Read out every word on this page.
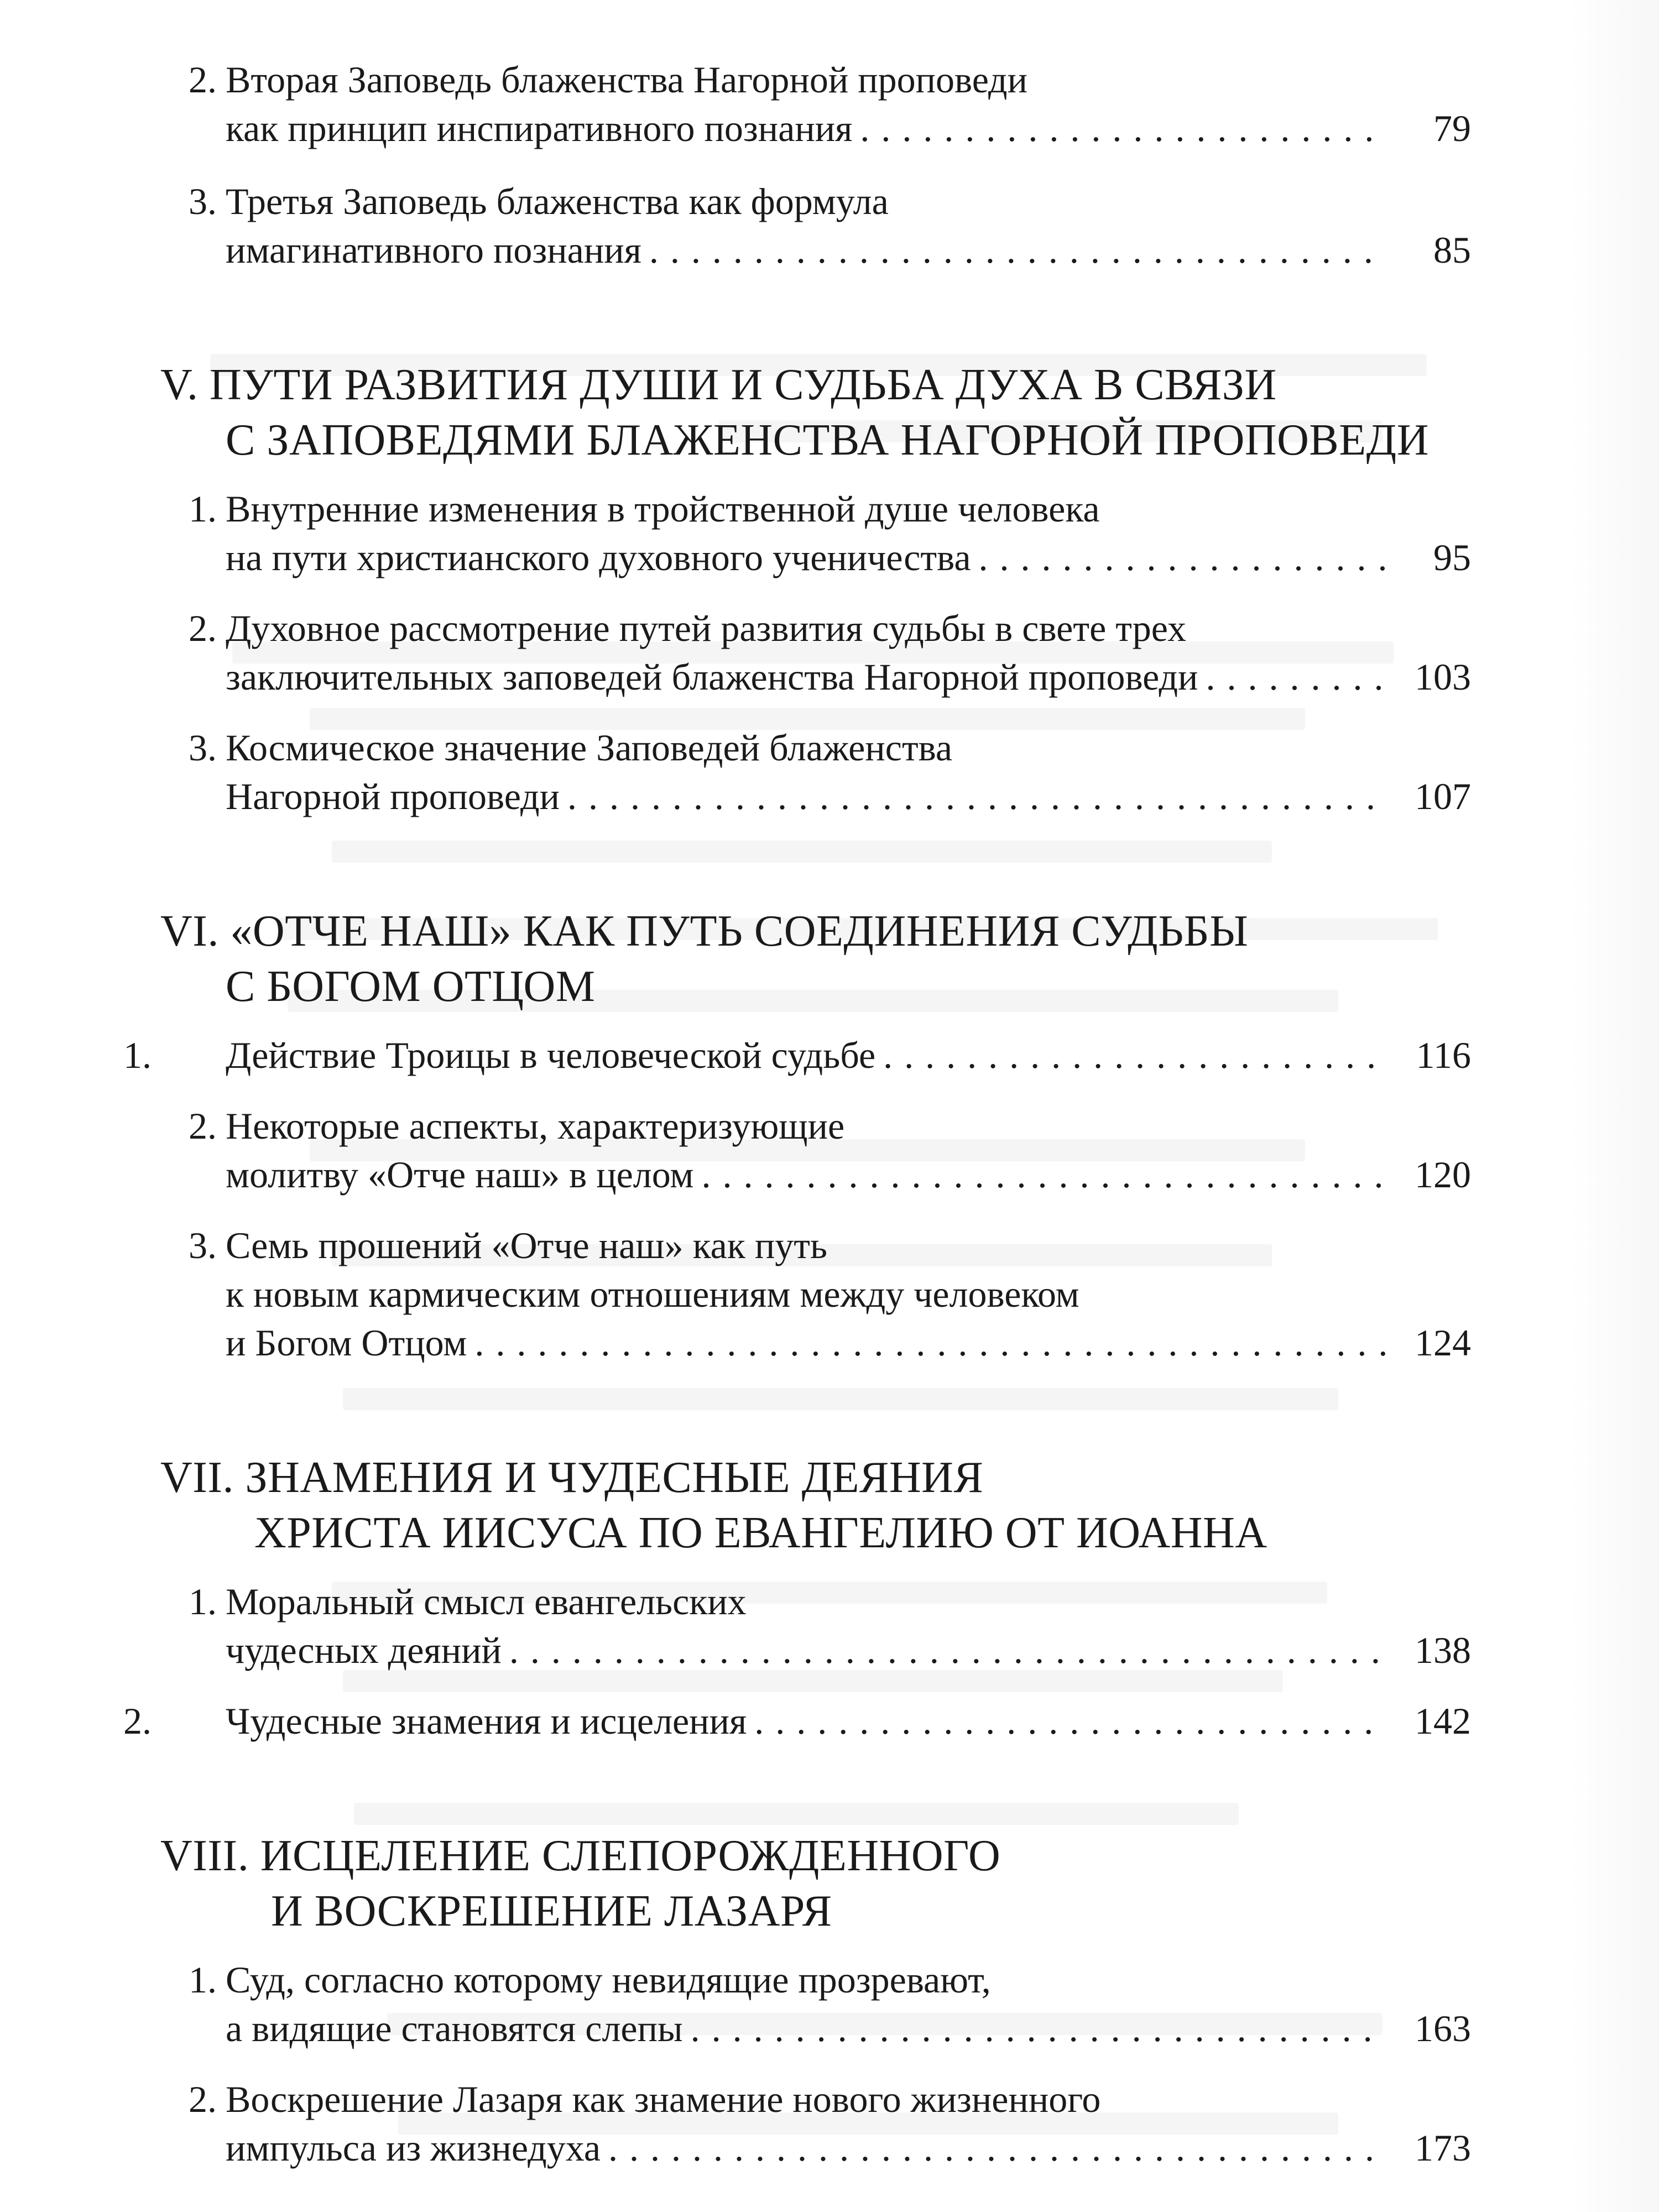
2. Вторая Заповедь блаженства Нагорной проповеди
как принцип инспиративного познания . . .	79
3. Третья Заповедь блаженства как формула
имагинативного познания . . .	85
V. ПУТИ РАЗВИТИЯ ДУШИ И СУДЬБА ДУХА В СВЯЗИ
С ЗАПОВЕДЯМИ БЛАЖЕНСТВА НАГОРНОЙ ПРОПОВЕДИ
1. Внутренние изменения в тройственной душе человека
на пути христианского духовного ученичества . . .	95
2. Духовное рассмотрение путей развития судьбы в свете трех
заключительных заповедей блаженства Нагорной проповеди . . .	103
3. Космическое значение Заповедей блаженства
Нагорной проповеди . . .	107
VI. «ОТЧЕ НАШ» КАК ПУТЬ СОЕДИНЕНИЯ СУДЬБЫ
С БОГОМ ОТЦОМ
1. Действие Троицы в человеческой судьбе . . .	116
2. Некоторые аспекты, характеризующие
молитву «Отче наш» в целом . . .	120
3. Семь прошений «Отче наш» как путь
к новым кармическим отношениям между человеком
и Богом Отцом . . .	124
VII. ЗНАМЕНИЯ И ЧУДЕСНЫЕ ДЕЯНИЯ
ХРИСТА ИИСУСА ПО ЕВАНГЕЛИЮ ОТ ИОАННА
1. Моральный смысл евангельских
чудесных деяний . . .	138
2. Чудесные знамения и исцеления . . .	142
VIII. ИСЦЕЛЕНИЕ СЛЕПОРОЖДЕННОГО
И ВОСКРЕШЕНИЕ ЛАЗАРЯ
1. Суд, согласно которому невидящие прозревают,
а видящие становятся слепы . . .	163
2. Воскрешение Лазаря как знамение нового жизненного
импульса из жизнедуха . . .	173
